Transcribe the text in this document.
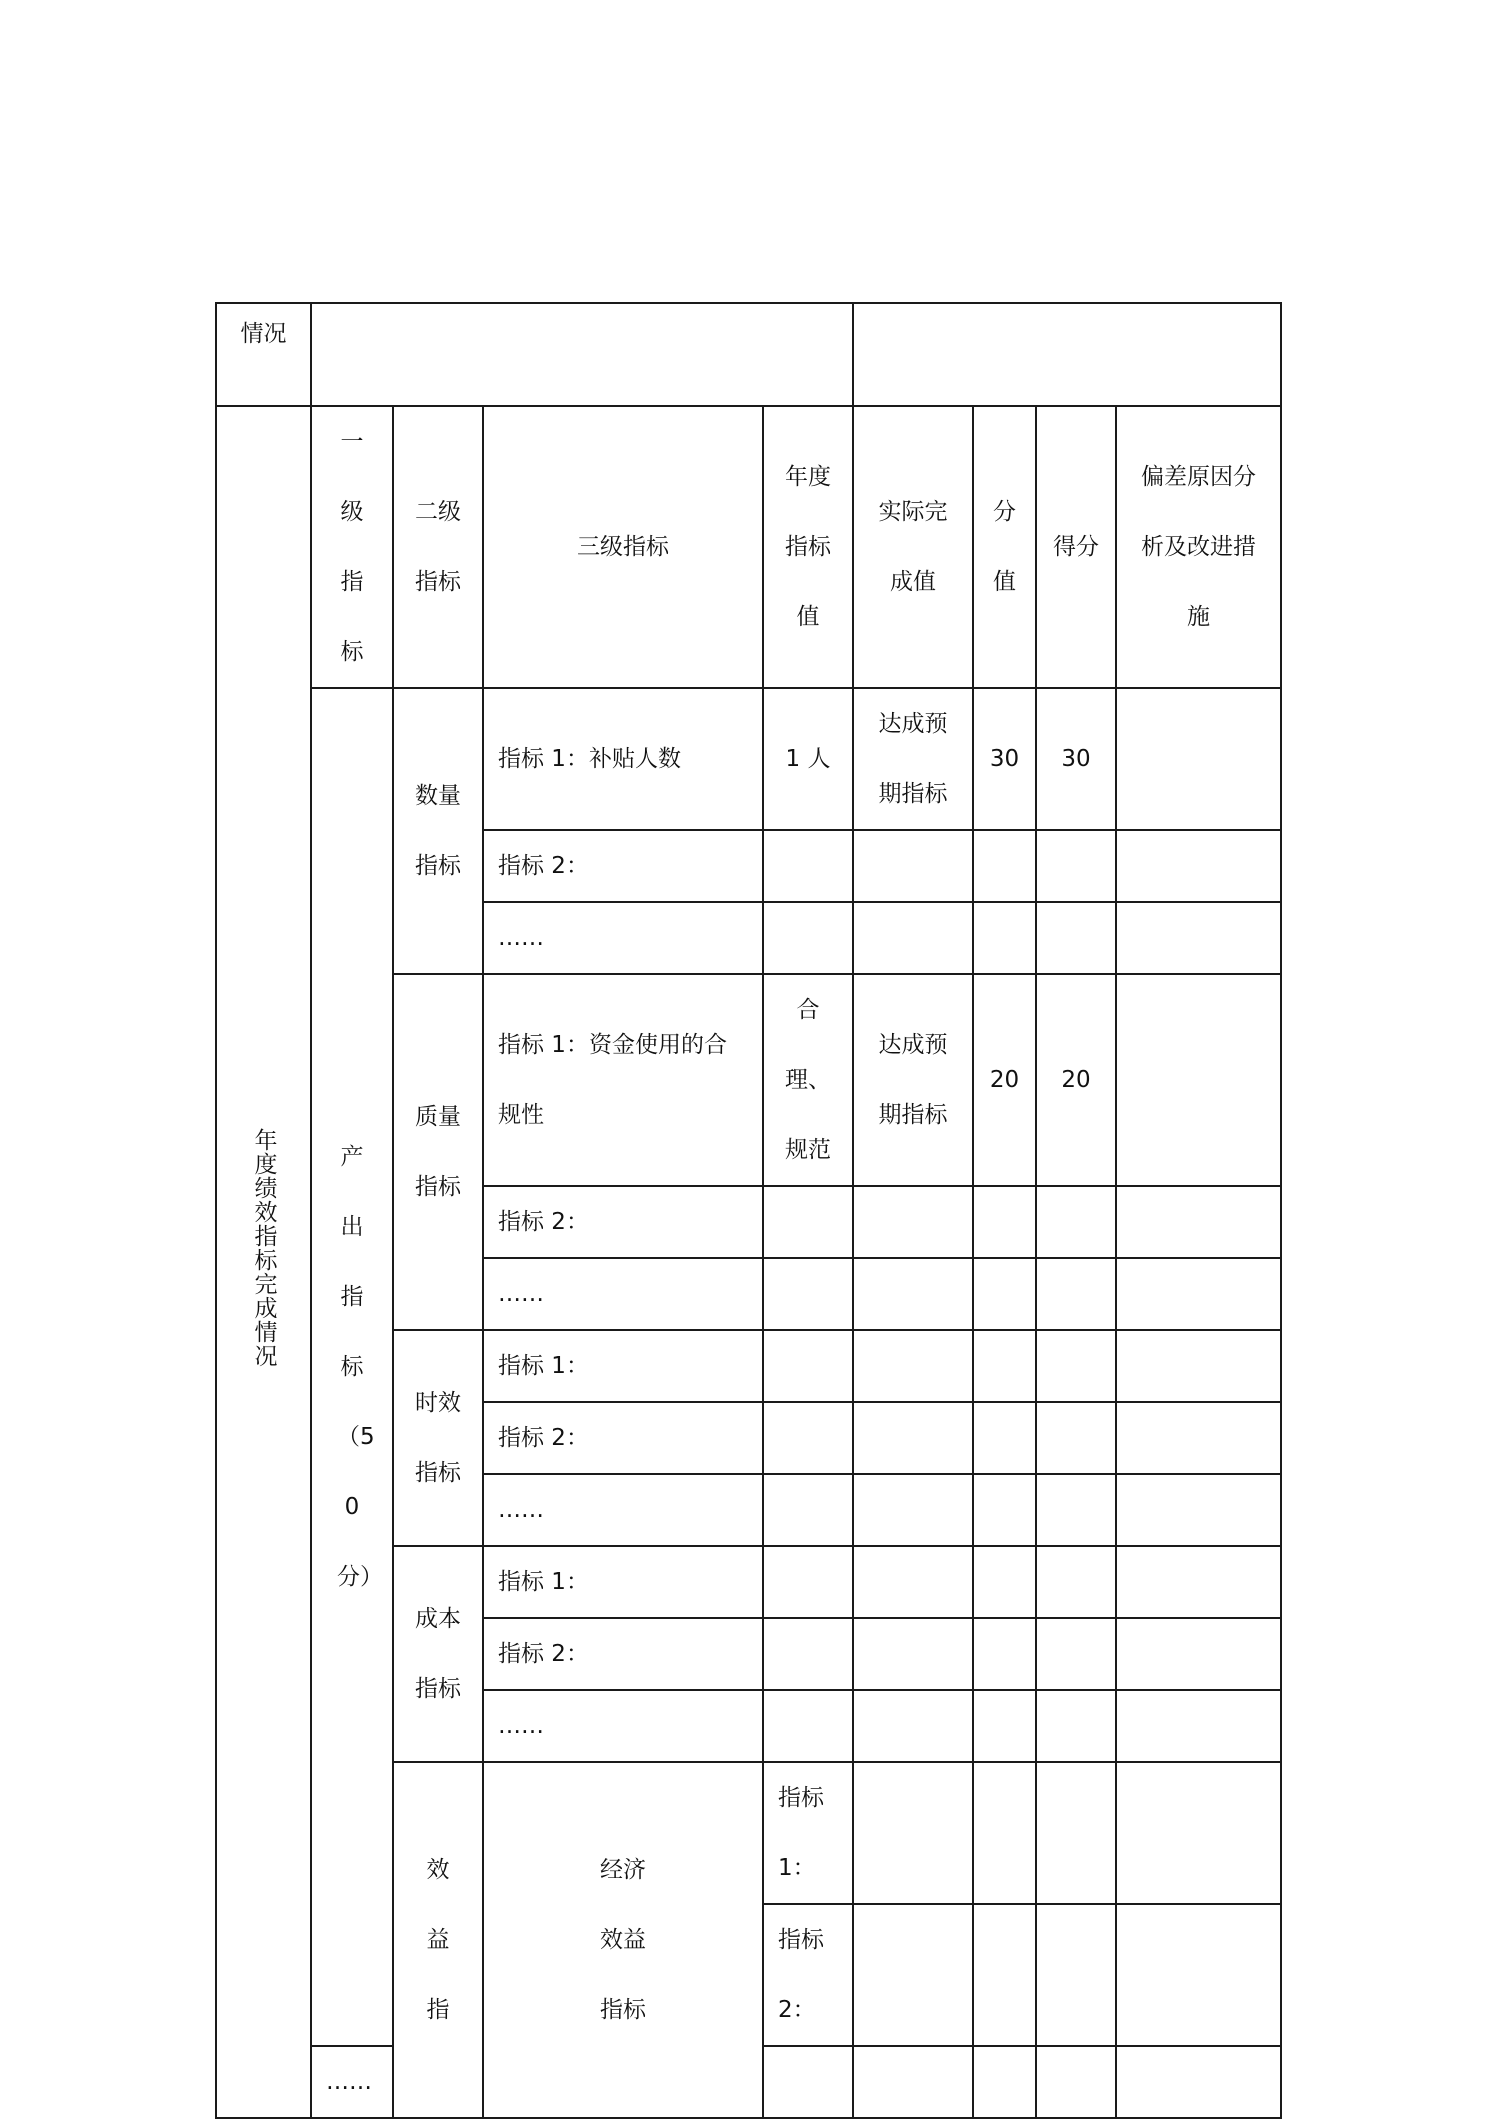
情况									
年度绩效指标完成情况	一级指标	二级指标	三级指标	年度指标值	实际完成值	分值	得分	偏差原因分析及改进措施	

	产出指标（50分）	数量指标	指标 1：补贴人数	1 人	达成预期指标	30	30		
			指标 2：						
			……						

		质量指标	指标 1：资金使用的合规性	合理、规范	达成预期指标	20	20		
			指标 2：						
			……						

		时效指标	指标 1：						
			指标 2：						
			……						

		成本指标	指标 1：						
			指标 2：						
			……						

		效益指	经济效益指标	指标 1：					
				指标 2：					
	……								
